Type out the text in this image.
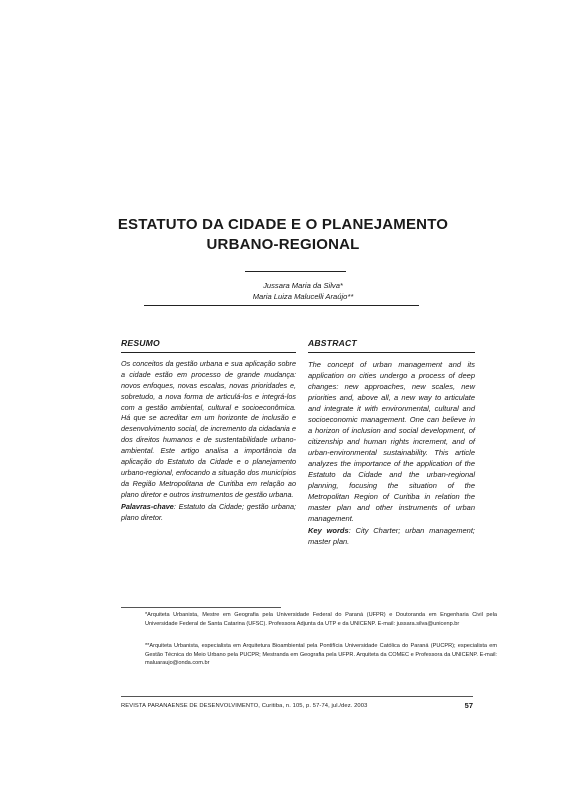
ESTATUTO DA CIDADE E O PLANEJAMENTO
URBANO-REGIONAL
Jussara Maria da Silva*
Maria Luiza Malucelli Araújo**
RESUMO

Os conceitos da gestão urbana e sua aplicação sobre a cidade estão em processo de grande mudança: novos enfoques, novas escalas, novas prioridades e, sobretudo, a nova forma de articulá-los e integrá-los com a gestão ambiental, cultural e socioeconômica. Há que se acreditar em um horizonte de inclusão e desenvolvimento social, de incremento da cidadania e dos direitos humanos e de sustentabilidade urbano-ambiental. Este artigo analisa a importância da aplicação do Estatuto da Cidade e o planejamento urbano-regional, enfocando a situação dos municípios da Região Metropolitana de Curitiba em relação ao plano diretor e outros instrumentos de gestão urbana.

Palavras-chave: Estatuto da Cidade; gestão urbana; plano diretor.

ABSTRACT

The concept of urban management and its application on cities undergo a process of deep changes: new approaches, new scales, new priorities and, above all, a new way to articulate and integrate it with environmental, cultural and socioeconomic management. One can believe in a horizon of inclusion and social development, of citizenship and human rights increment, and of urban-environmental sustainability. This article analyzes the importance of the application of the Estatuto da Cidade and the urban-regional planning, focusing the situation of the Metropolitan Region of Curitiba in relation the master plan and other instruments of urban management.

Key words: City Charter; urban management; master plan.

*Arquiteta Urbanista, Mestre em Geografia pela Universidade Federal do Paraná (UFPR) e Doutoranda em Engenharia Civil pela Universidade Federal de Santa Catarina (UFSC). Professora Adjunta da UTP e da UNICENP. E-mail: jussara.silva@unicenp.br
**Arquiteta Urbanista, especialista em Arquitetura Bioambiental pela Pontifícia Universidade Católica do Paraná (PUCPR); especialista em Gestão Técnica do Meio Urbano pela PUCPR; Mestranda em Geografia pela UFPR. Arquiteta da COMEC e Professora da UNICENP. E-mail: maluaraujo@onda.com.br
REVISTA PARANAENSE DE DESENVOLVIMENTO, Curitiba, n. 105, p. 57-74, jul./dez. 2003	57
